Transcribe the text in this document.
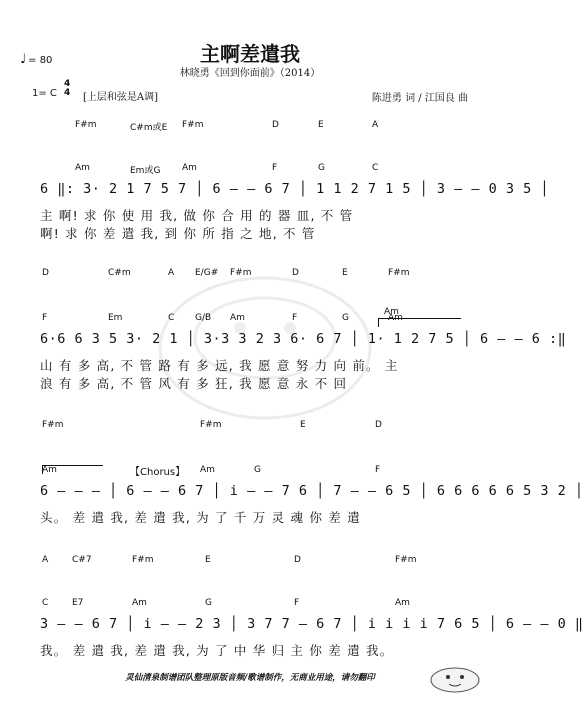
主啊差遣我
林晓勇《回到你面前》（2014）
♩ = 80
陈进勇 词 / 江国良 曲
1= C
4
4 [上层和弦是A调]
6 ‖: 3· 2 1 7 5 7 │ 6 – – 6 7 │ 1 1 2 7 1 5 │ 3 – – 0 3 5 │
主 啊! 求 你 使 用 我, 做 你 合 用 的 器 皿, 不 管
啊! 求 你 差 遣 我, 到 你 所 指 之 地, 不 管
Am
6·6 6 3 5 3· 2 1 │ 3·3 3 2 3 6· 6 7 │ 1· 1 2 7 5 │ 6 – – 6 :‖
山 有 多 高, 不 管 路 有 多 远, 我 愿 意 努 力 向 前。 主
浪 有 多 高, 不 管 风 有 多 狂, 我 愿 意 永 不 回
【Chorus】
6 – – – │ 6 – – 6 7 │ i – – 7 6 │ 7 – – 6 5 │ 6 6 6 6 6 5 3 2 │
头。 差 遣 我, 差 遣 我, 为 了 千 万 灵 魂 你 差 遣
3 – – 6 7 │ i – – 2 3 │ 3 7 7 – 6 7 │ i i i i 7 6 5 │ 6 – – 0 ‖
我。 差 遣 我, 差 遣 我, 为 了 中 华 归 主 你 差 遣 我。
灵仙清泉制谱团队整理原版音频/歌谱制作，无商业用途，请勿翻印
F#m	C#m或E F#m	D	E	A
Am	Em或G Am	F	G	C
D	C#m	A E/G# F#m	D	E	F#m
F	Em	C G/B Am	F	G	Am
F#m	F#m	E	D
Am	Am	G	F
A	C#7	F#m	E	D	F#m
C	E7	Am	G	F	Am
